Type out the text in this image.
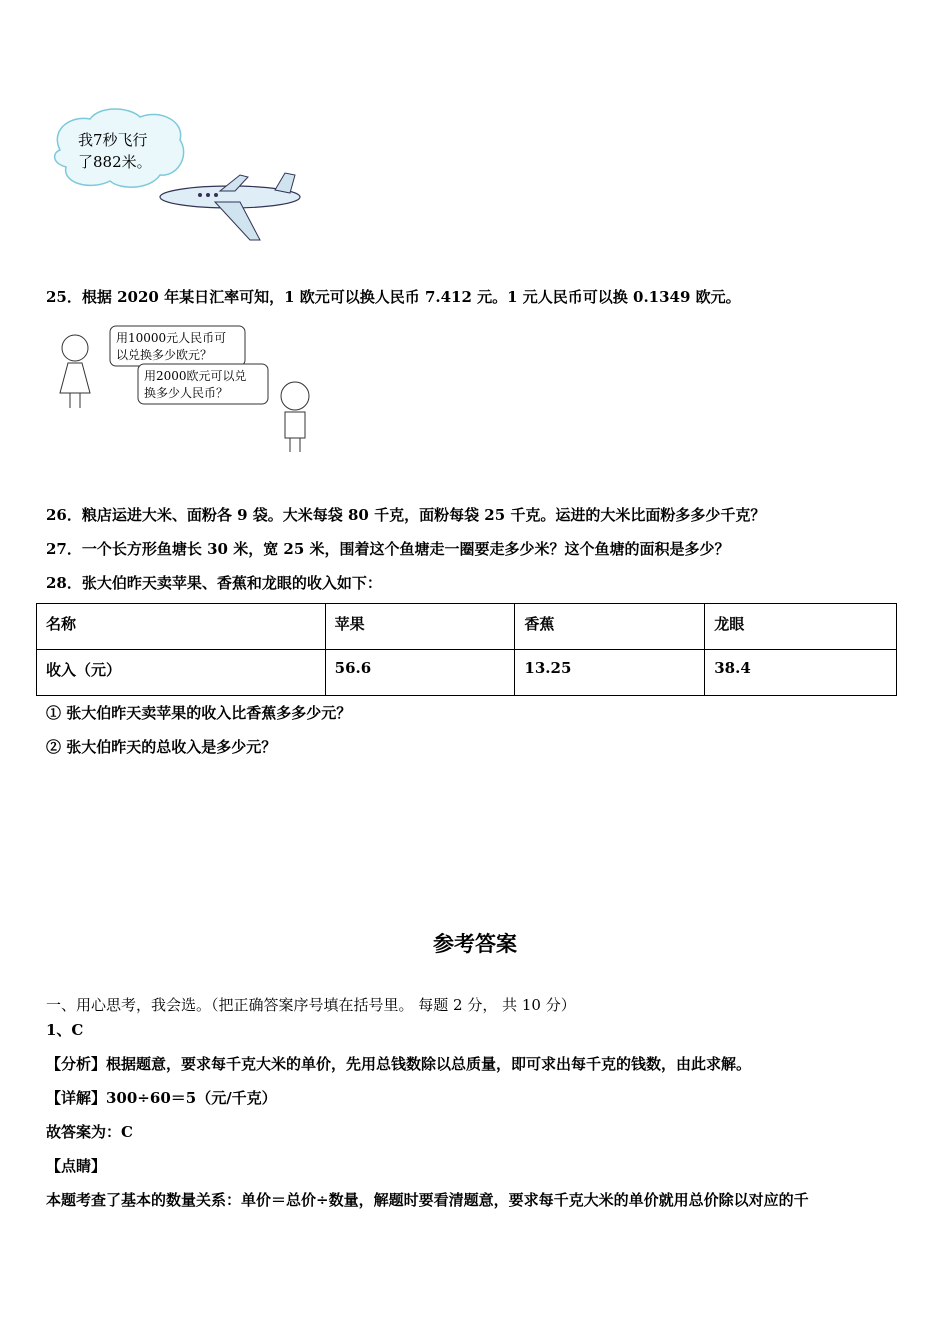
我7秒飞行
了882米。
25．根据 2020 年某日汇率可知，1 欧元可以换人民币 7.412 元。1 元人民币可以换 0.1349 欧元。
用10000元人民币可
以兑换多少欧元？
用2000欧元可以兑
换多少人民币？
26．粮店运进大米、面粉各 9 袋。大米每袋 80 千克，面粉每袋 25 千克。运进的大米比面粉多多少千克？
27．一个长方形鱼塘长 30 米，宽 25 米，围着这个鱼塘走一圈要走多少米？这个鱼塘的面积是多少？
28．张大伯昨天卖苹果、香蕉和龙眼的收入如下：
名称	苹果	香蕉	龙眼
收入（元）	56.6	13.25	38.4
① 张大伯昨天卖苹果的收入比香蕉多多少元？
② 张大伯昨天的总收入是多少元？
参考答案
一、用心思考，我会选。（把正确答案序号填在括号里。 每题 2 分， 共 10 分）
1、C
【分析】根据题意，要求每千克大米的单价，先用总钱数除以总质量，即可求出每千克的钱数，由此求解。
【详解】300÷60＝5（元/千克）
故答案为：C
【点睛】
本题考查了基本的数量关系：单价＝总价÷数量，解题时要看清题意，要求每千克大米的单价就用总价除以对应的千
